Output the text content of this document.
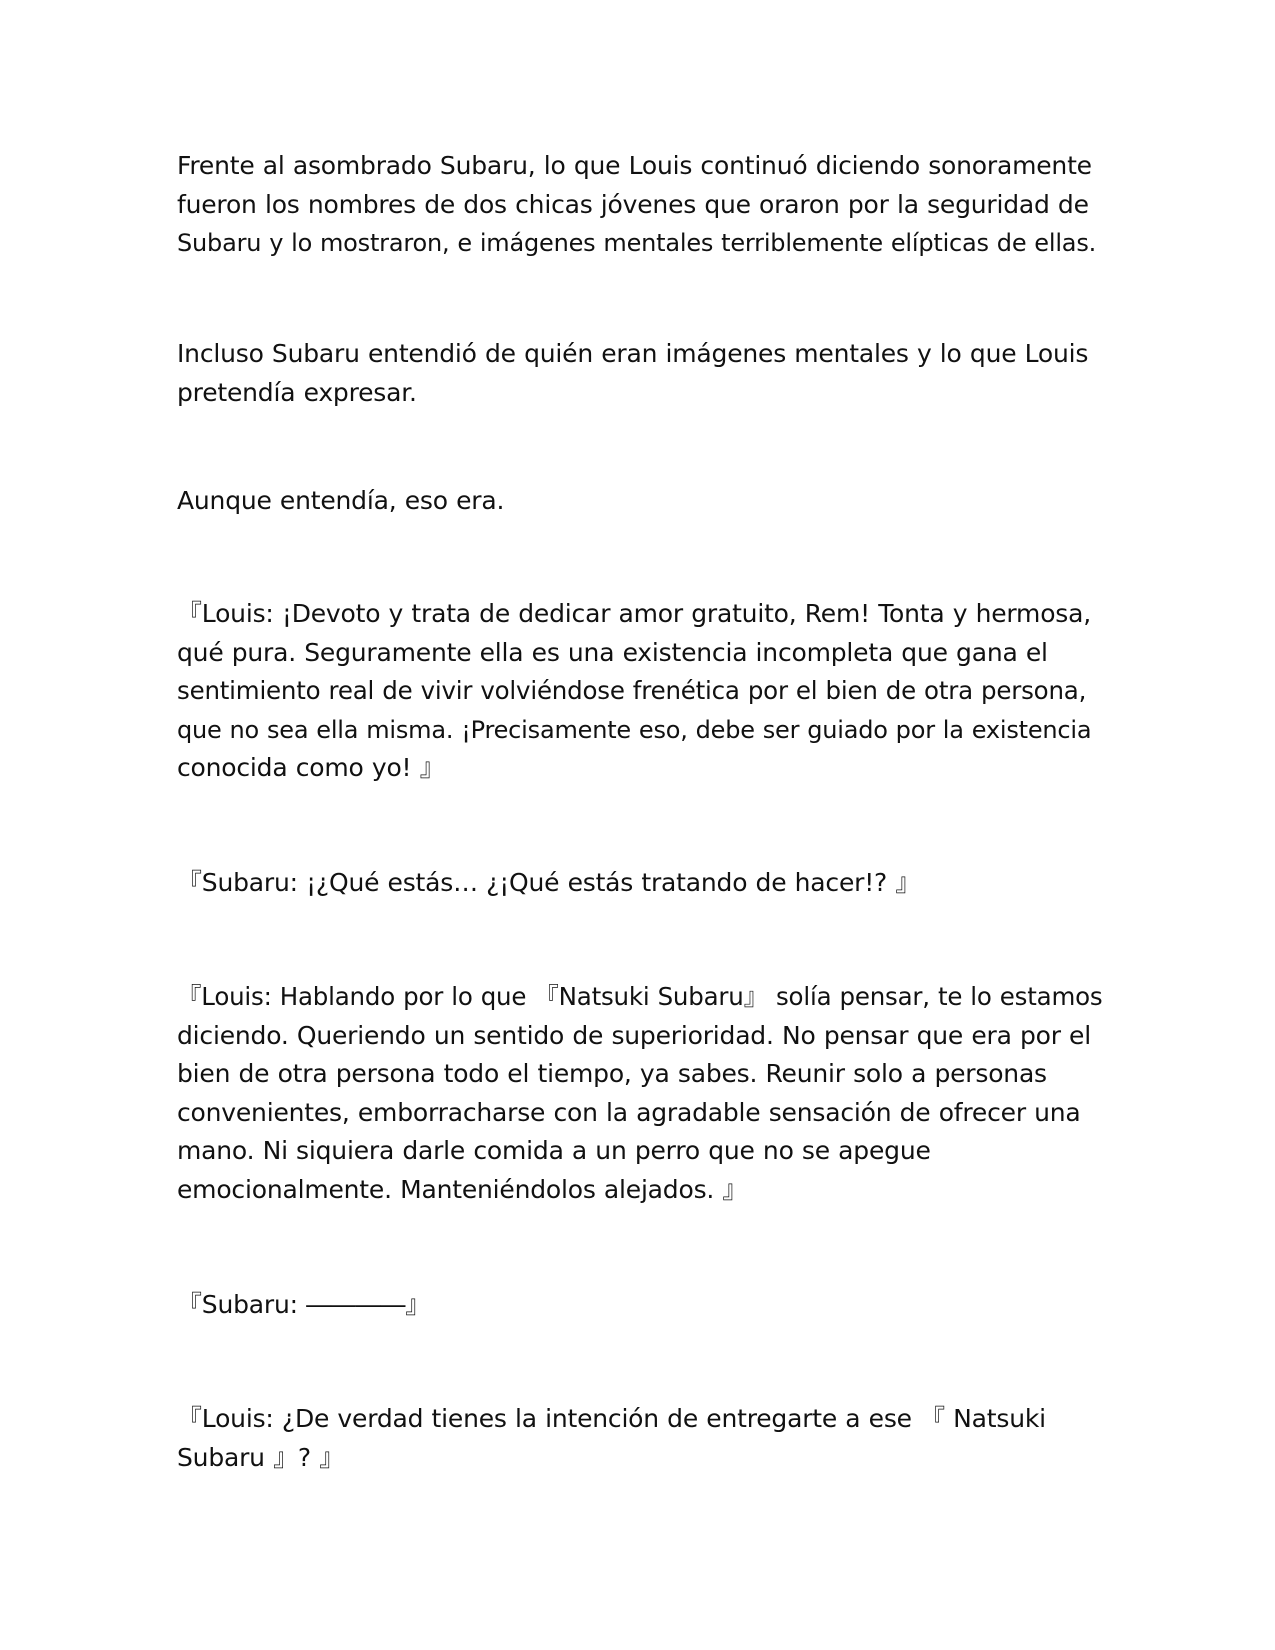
Frente al asombrado Subaru, lo que Louis continuó diciendo sonoramente
fueron los nombres de dos chicas jóvenes que oraron por la seguridad de
Subaru y lo mostraron, e imágenes mentales terriblemente elípticas de ellas.

Incluso Subaru entendió de quién eran imágenes mentales y lo que Louis
pretendía expresar.

Aunque entendía, eso era.

『Louis: ¡Devoto y trata de dedicar amor gratuito, Rem! Tonta y hermosa,
qué pura. Seguramente ella es una existencia incompleta que gana el
sentimiento real de vivir volviéndose frenética por el bien de otra persona,
que no sea ella misma. ¡Precisamente eso, debe ser guiado por la existencia
conocida como yo! 』

『Subaru: ¡¿Qué estás… ¿¡Qué estás tratando de hacer!? 』

『Louis: Hablando por lo que 『Natsuki Subaru』 solía pensar, te lo estamos
diciendo. Queriendo un sentido de superioridad. No pensar que era por el
bien de otra persona todo el tiempo, ya sabes. Reunir solo a personas
convenientes, emborracharse con la agradable sensación de ofrecer una
mano. Ni siquiera darle comida a un perro que no se apegue
emocionalmente. Manteniéndolos alejados. 』

『Subaru: ――――』

『Louis: ¿De verdad tienes la intención de entregarte a ese 『 Natsuki
Subaru 』? 』
